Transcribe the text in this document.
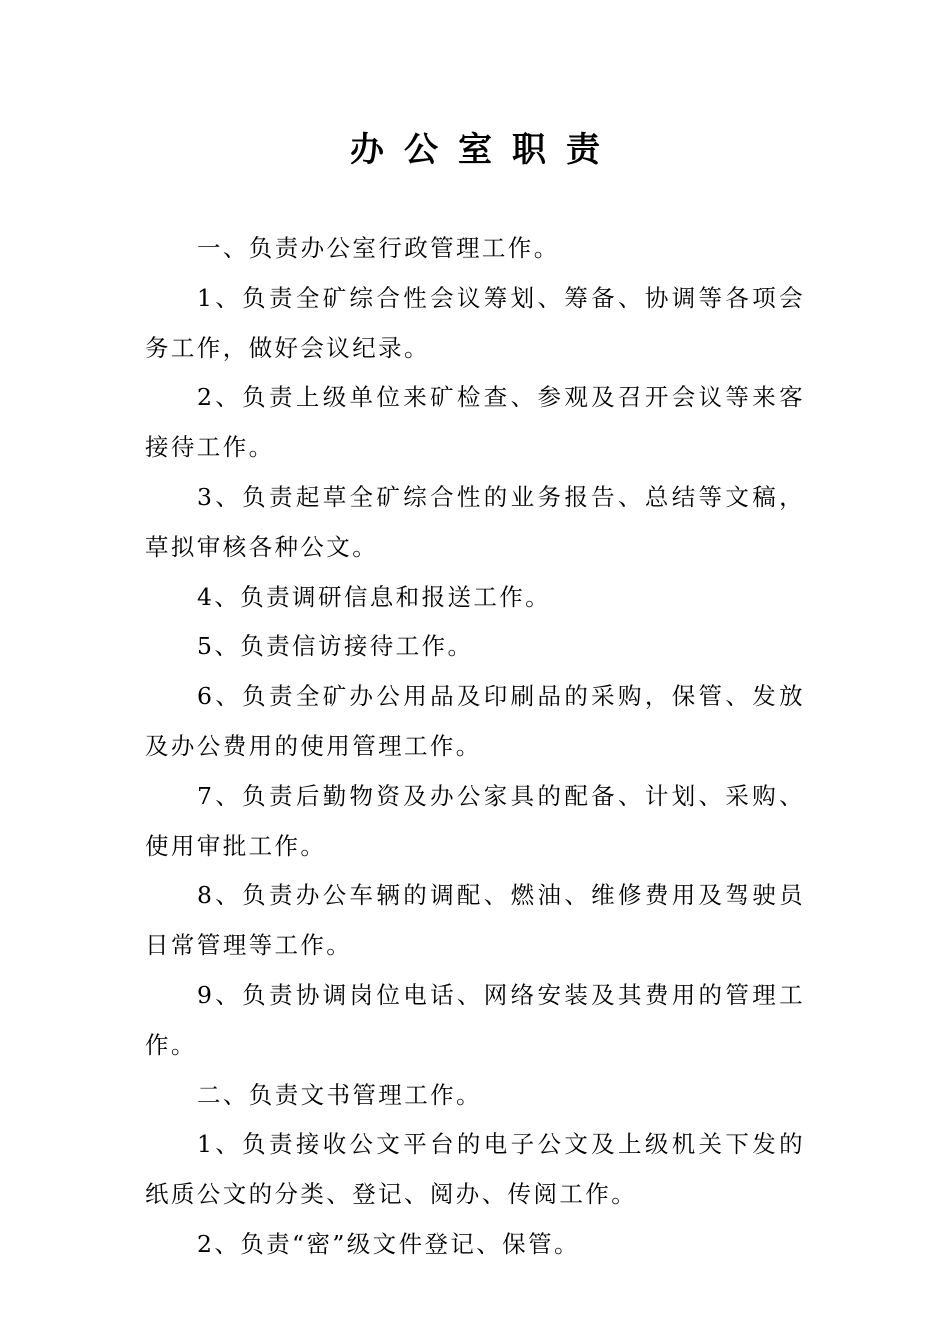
办公室职责

一、负责办公室行政管理工作。

1、负责全矿综合性会议筹划、筹备、协调等各项会务工作，做好会议纪录。

2、负责上级单位来矿检查、参观及召开会议等来客接待工作。

3、负责起草全矿综合性的业务报告、总结等文稿，草拟审核各种公文。

4、负责调研信息和报送工作。

5、负责信访接待工作。

6、负责全矿办公用品及印刷品的采购，保管、发放及办公费用的使用管理工作。

7、负责后勤物资及办公家具的配备、计划、采购、使用审批工作。

8、负责办公车辆的调配、燃油、维修费用及驾驶员日常管理等工作。

9、负责协调岗位电话、网络安装及其费用的管理工作。

二、负责文书管理工作。

1、负责接收公文平台的电子公文及上级机关下发的纸质公文的分类、登记、阅办、传阅工作。

2、负责“密”级文件登记、保管。
